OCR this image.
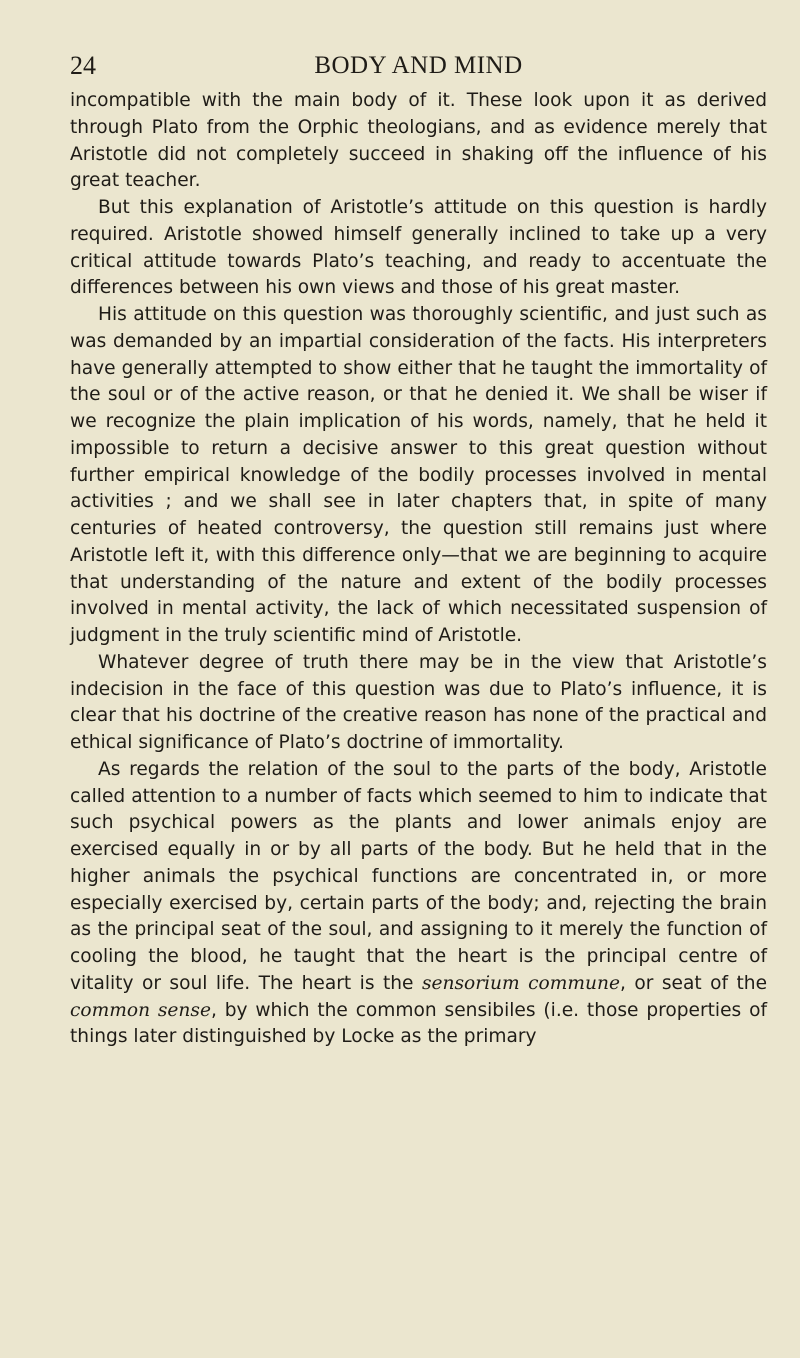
24	BODY AND MIND

incompatible with the main body of it. These look upon it as derived through Plato from the Orphic theologians, and as evidence merely that Aristotle did not completely succeed in shaking off the influence of his great teacher.

But this explanation of Aristotle’s attitude on this question is hardly required. Aristotle showed himself generally inclined to take up a very critical attitude towards Plato’s teaching, and ready to accentuate the differences between his own views and those of his great master.

His attitude on this question was thoroughly scientific, and just such as was demanded by an impartial consideration of the facts. His interpreters have generally attempted to show either that he taught the immortality of the soul or of the active reason, or that he denied it. We shall be wiser if we recognize the plain implication of his words, namely, that he held it impossible to return a decisive answer to this great question without further empirical knowledge of the bodily processes involved in mental activities ; and we shall see in later chapters that, in spite of many centuries of heated controversy, the question still remains just where Aristotle left it, with this difference only—that we are beginning to acquire that understanding of the nature and extent of the bodily processes involved in mental activity, the lack of which necessitated suspension of judgment in the truly scientific mind of Aristotle.

Whatever degree of truth there may be in the view that Aristotle’s indecision in the face of this question was due to Plato’s influence, it is clear that his doctrine of the creative reason has none of the practical and ethical significance of Plato’s doctrine of immortality.

As regards the relation of the soul to the parts of the body, Aristotle called attention to a number of facts which seemed to him to indicate that such psychical powers as the plants and lower animals enjoy are exercised equally in or by all parts of the body. But he held that in the higher animals the psychical functions are concentrated in, or more especially exercised by, certain parts of the body; and, rejecting the brain as the principal seat of the soul, and assigning to it merely the function of cooling the blood, he taught that the heart is the principal centre of vitality or soul life. The heart is the sensorium commune, or seat of the common sense, by which the common sensibiles (i.e. those properties of things later distinguished by Locke as the primary
